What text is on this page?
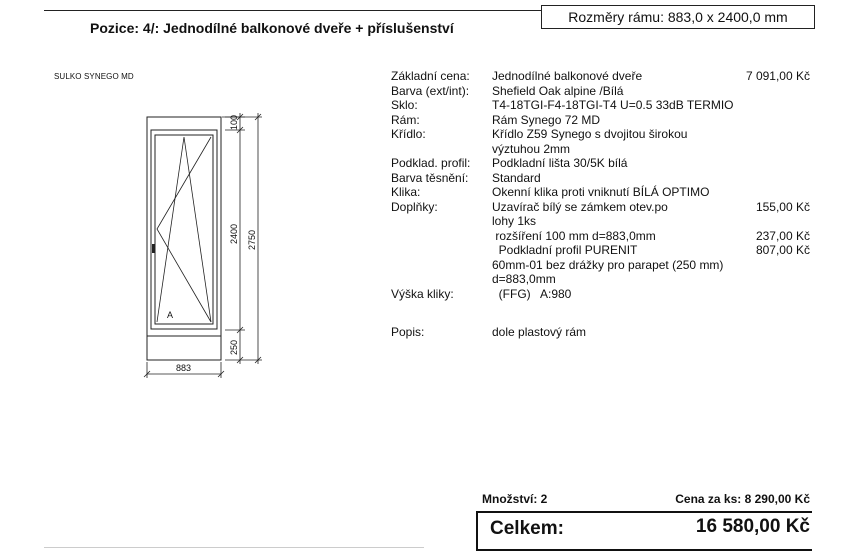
Rozměry rámu: 883,0 x 2400,0 mm
Pozice: 4/: Jednodílné balkonové dveře + příslušenství
SULKO SYNEGO MD
100
2400
250
2750
883
A
Základní cena: Jednodílné balkonové dveře	7 091,00 Kč
Barva (ext/int): Shefield Oak alpine /Bílá
Sklo:	T4-18TGI-F4-18TGI-T4 U=0.5 33dB TERMIO
Rám:	Rám Synego 72 MD
Křídlo:	Křídlo Z59 Synego s dvojitou širokou
výztuhou 2mm
Podklad. profil: Podkladní lišta 30/5K bílá
Barva těsnění: Standard
Klika:	Okenní klika proti vniknutí BÍLÁ OPTIMO
Doplňky:	Uzavírač bílý se zámkem otev.po	155,00 Kč
lohy 1ks
rozšíření 100 mm d=883,0mm	237,00 Kč
Podkladní profil PURENIT	807,00 Kč
60mm-01 bez drážky pro parapet (250 mm)
d=883,0mm
Výška kliky:	(FFG)   A:980
Popis:	dole plastový rám
Množství: 2	Cena za ks: 8 290,00 Kč
Celkem:	16 580,00 Kč
